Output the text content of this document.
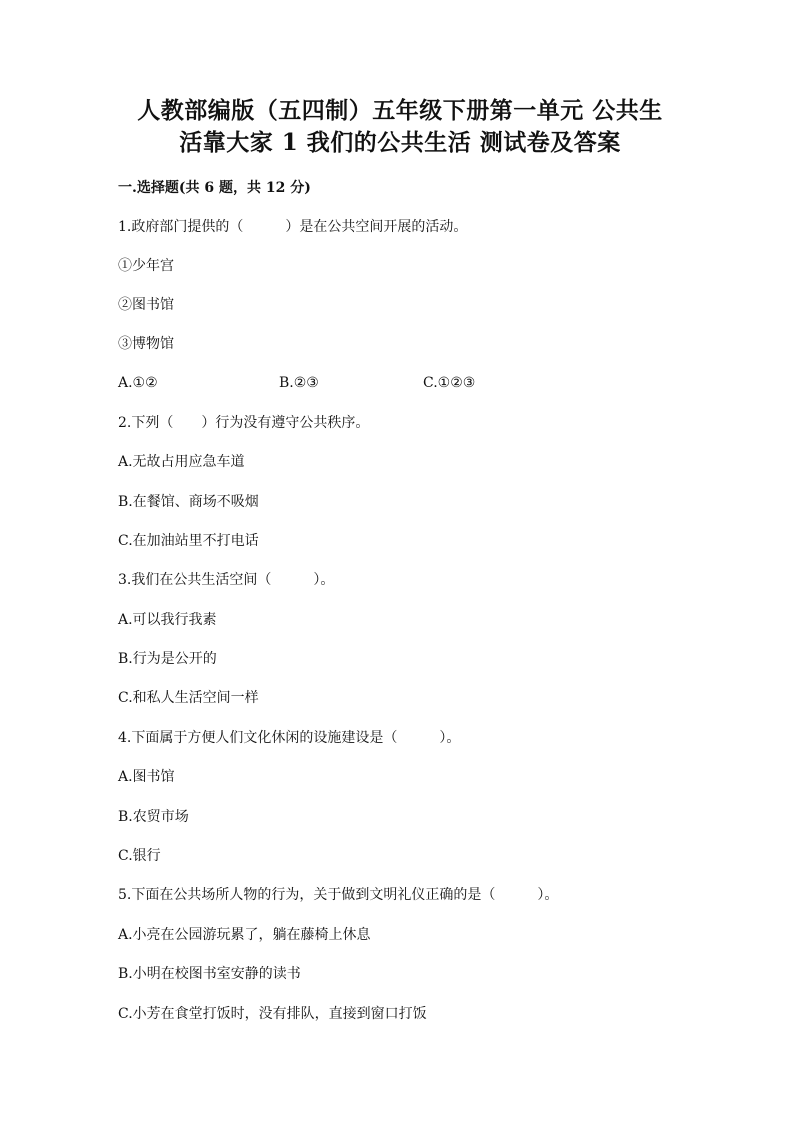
人教部编版（五四制）五年级下册第一单元 公共生
活靠大家 1 我们的公共生活 测试卷及答案
一.选择题(共 6 题，共 12 分)
1.政府部门提供的（　　　）是在公共空间开展的活动。
①少年宫
②图书馆
③博物馆
A.①②	B.②③	C.①②③
2.下列（　　）行为没有遵守公共秩序。
A.无故占用应急车道
B.在餐馆、商场不吸烟
C.在加油站里不打电话
3.我们在公共生活空间（　　　）。
A.可以我行我素
B.行为是公开的
C.和私人生活空间一样
4.下面属于方便人们文化休闲的设施建设是（　　　）。
A.图书馆
B.农贸市场
C.银行
5.下面在公共场所人物的行为，关于做到文明礼仪正确的是（　　　）。
A.小亮在公园游玩累了，躺在藤椅上休息
B.小明在校图书室安静的读书
C.小芳在食堂打饭时，没有排队，直接到窗口打饭
